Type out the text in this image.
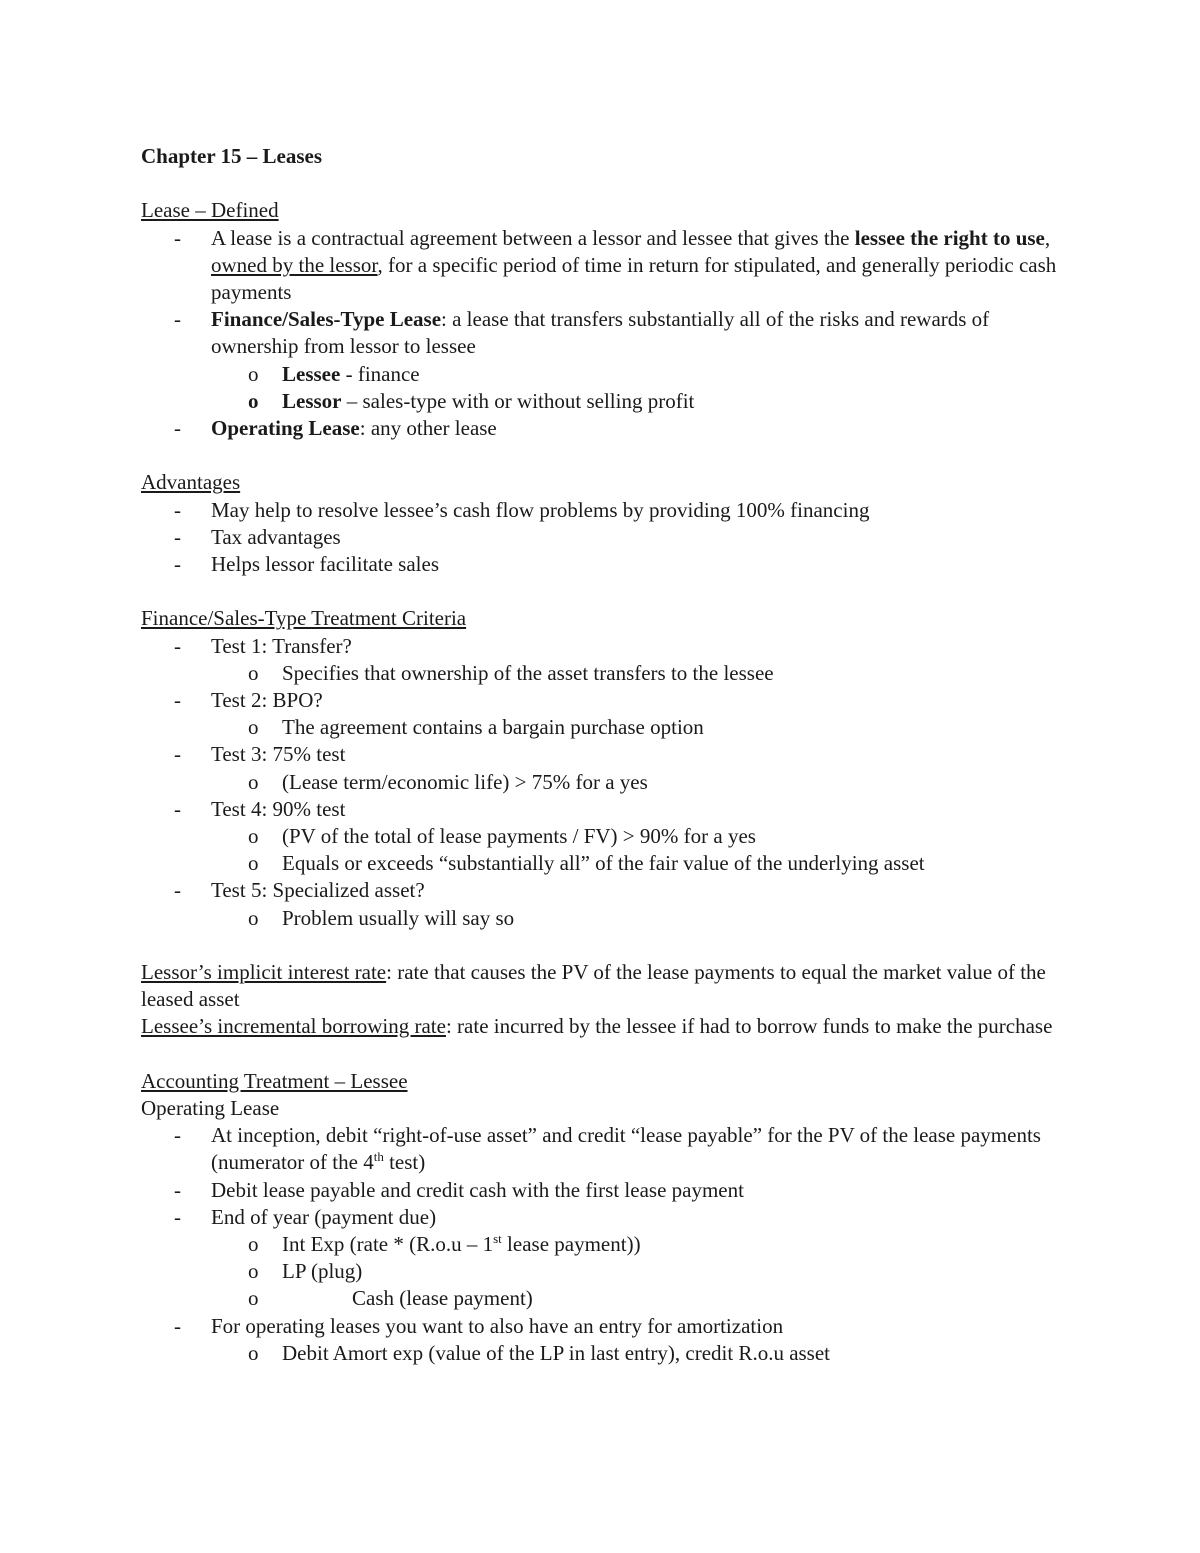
Chapter 15 – Leases

Lease – Defined

- A lease is a contractual agreement between a lessor and lessee that gives the lessee the right to use, owned by the lessor, for a specific period of time in return for stipulated, and generally periodic cash payments
- Finance/Sales-Type Lease: a lease that transfers substantially all of the risks and rewards of ownership from lessor to lessee
o Lessee - finance
o Lessor – sales-type with or without selling profit
- Operating Lease: any other lease

Advantages

- May help to resolve lessee’s cash flow problems by providing 100% financing
- Tax advantages
- Helps lessor facilitate sales

Finance/Sales-Type Treatment Criteria

- Test 1: Transfer?
o Specifies that ownership of the asset transfers to the lessee
- Test 2: BPO?
o The agreement contains a bargain purchase option
- Test 3: 75% test
o (Lease term/economic life) > 75% for a yes
- Test 4: 90% test
o (PV of the total of lease payments / FV) > 90% for a yes
o Equals or exceeds “substantially all” of the fair value of the underlying asset
- Test 5: Specialized asset?
o Problem usually will say so

Lessor’s implicit interest rate: rate that causes the PV of the lease payments to equal the market value of the leased asset

Lessee’s incremental borrowing rate: rate incurred by the lessee if had to borrow funds to make the purchase

Accounting Treatment – Lessee

Operating Lease

- At inception, debit “right-of-use asset” and credit “lease payable” for the PV of the lease payments (numerator of the 4th test)
- Debit lease payable and credit cash with the first lease payment
- End of year (payment due)
o Int Exp (rate * (R.o.u – 1st lease payment))
o LP (plug)
o	Cash (lease payment)
- For operating leases you want to also have an entry for amortization
o Debit Amort exp (value of the LP in last entry), credit R.o.u asset
